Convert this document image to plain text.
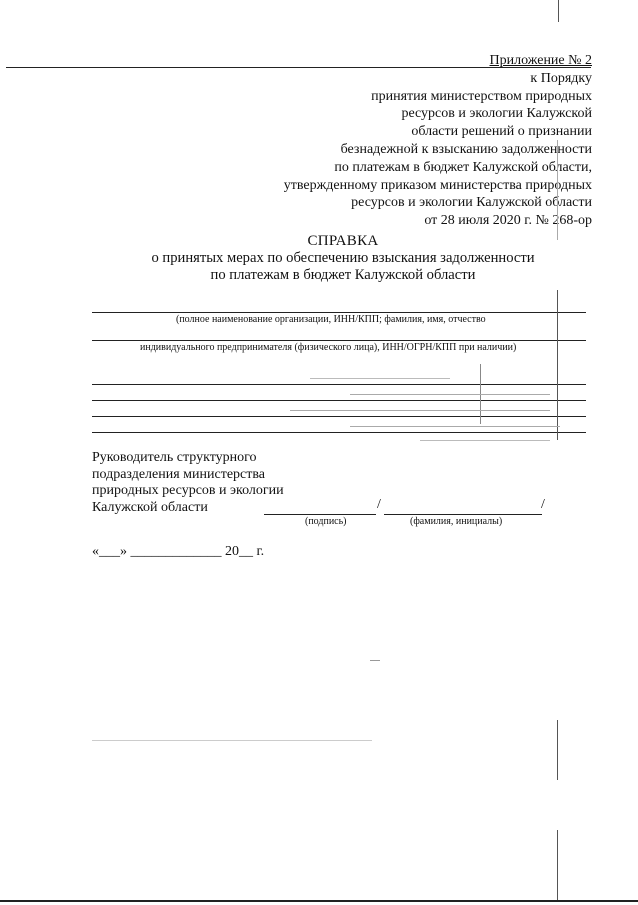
Приложение № 2
к Порядку
принятия министерством природных
ресурсов и экологии Калужской
области решений о признании
безнадежной к взысканию задолженности
по платежам в бюджет Калужской области,
утвержденному приказом министерства природных
ресурсов и экологии Калужской области
от 28 июля 2020 г. № 268-ор
СПРАВКА
о принятых мерах по обеспечению взыскания задолженности
по платежам в бюджет Калужской области
(полное наименование организации, ИНН/КПП; фамилия, имя, отчество
индивидуального предпринимателя (физического лица), ИНН/ОГРН/КПП при наличии)
Руководитель структурного
подразделения министерства
природных ресурсов и экологии
Калужской области	/	/
(подпись)	(фамилия, инициалы)
«___» _____________ 20__ г.
